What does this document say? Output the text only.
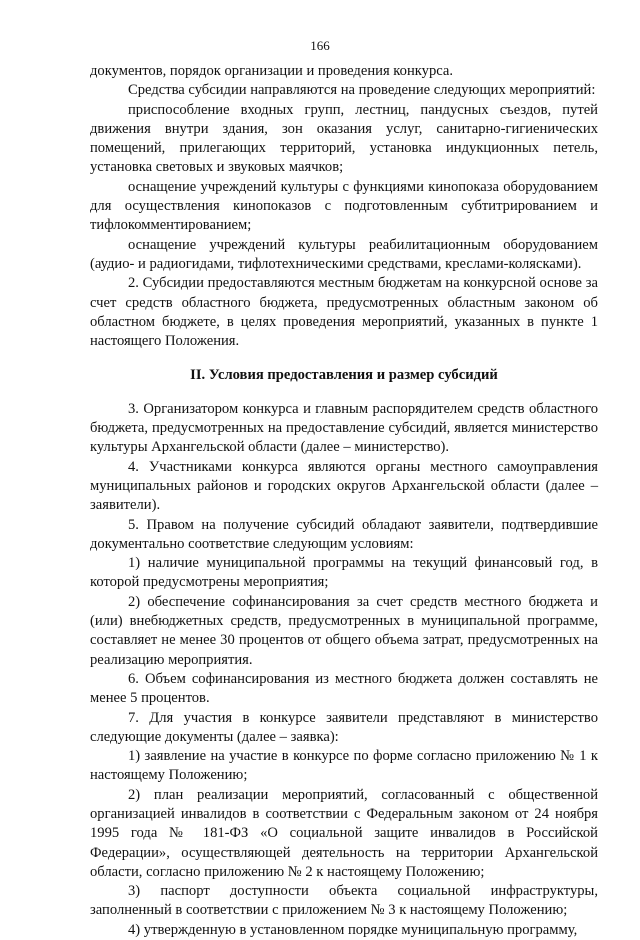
166

документов, порядок организации и проведения конкурса.

Средства субсидии направляются на проведение следующих мероприятий:

приспособление входных групп, лестниц, пандусных съездов, путей движения внутри здания, зон оказания услуг, санитарно-гигиенических помещений, прилегающих территорий, установка индукционных петель, установка световых и звуковых маячков;

оснащение учреждений культуры с функциями кинопоказа оборудованием для осуществления кинопоказов с подготовленным субтитрированием и тифлокомментированием;

оснащение учреждений культуры реабилитационным оборудованием (аудио- и радиогидами, тифлотехническими средствами, креслами-колясками).

2. Субсидии предоставляются местным бюджетам на конкурсной основе за счет средств областного бюджета, предусмотренных областным законом об областном бюджете, в целях проведения мероприятий, указанных в пункте 1 настоящего Положения.

II. Условия предоставления и размер субсидий

3. Организатором конкурса и главным распорядителем средств областного бюджета, предусмотренных на предоставление субсидий, является министерство культуры Архангельской области (далее – министерство).

4. Участниками конкурса являются органы местного самоуправления муниципальных районов и городских округов Архангельской области (далее – заявители).

5. Правом на получение субсидий обладают заявители, подтвердившие документально соответствие следующим условиям:

1) наличие муниципальной программы на текущий финансовый год, в которой предусмотрены мероприятия;

2) обеспечение софинансирования за счет средств местного бюджета и (или) внебюджетных средств, предусмотренных в муниципальной программе, составляет не менее 30 процентов от общего объема затрат, предусмотренных на реализацию мероприятия.

6. Объем софинансирования из местного бюджета должен составлять не менее 5 процентов.

7. Для участия в конкурсе заявители представляют в министерство следующие документы (далее – заявка):

1) заявление на участие в конкурсе по форме согласно приложению № 1 к настоящему Положению;

2) план реализации мероприятий, согласованный с общественной организацией инвалидов в соответствии с Федеральным законом от 24 ноября 1995 года № 181-ФЗ «О социальной защите инвалидов в Российской Федерации», осуществляющей деятельность на территории Архангельской области, согласно приложению № 2 к настоящему Положению;

3) паспорт доступности объекта социальной инфраструктуры, заполненный в соответствии с приложением № 3 к настоящему Положению;

4) утвержденную в установленном порядке муниципальную программу,
